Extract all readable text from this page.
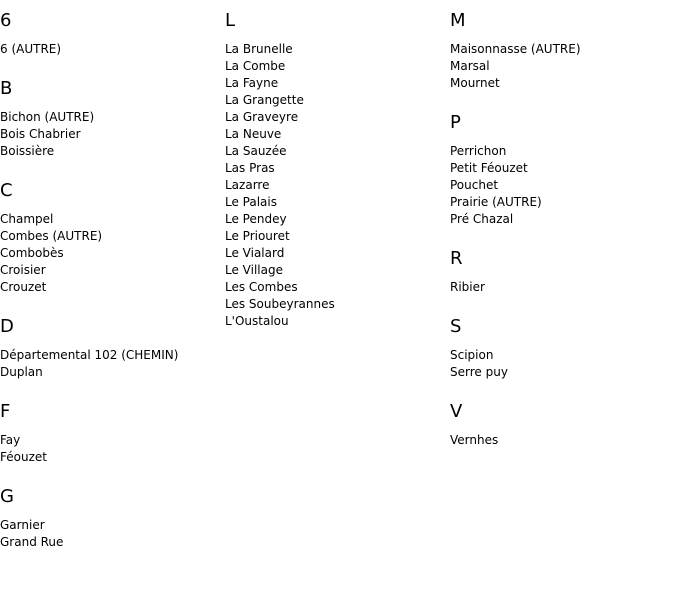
6
6 (AUTRE)
B
Bichon (AUTRE)
Bois Chabrier
Boissière
C
Champel
Combes (AUTRE)
Combobès
Croisier
Crouzet
D
Départemental 102 (CHEMIN)
Duplan
F
Fay
Féouzet
G
Garnier
Grand Rue
L
La Brunelle
La Combe
La Fayne
La Grangette
La Graveyre
La Neuve
La Sauzée
Las Pras
Lazarre
Le Palais
Le Pendey
Le Priouret
Le Vialard
Le Village
Les Combes
Les Soubeyrannes
L'Oustalou
M
Maisonnasse (AUTRE)
Marsal
Mournet
P
Perrichon
Petit Féouzet
Pouchet
Prairie (AUTRE)
Pré Chazal
R
Ribier
S
Scipion
Serre puy
V
Vernhes
